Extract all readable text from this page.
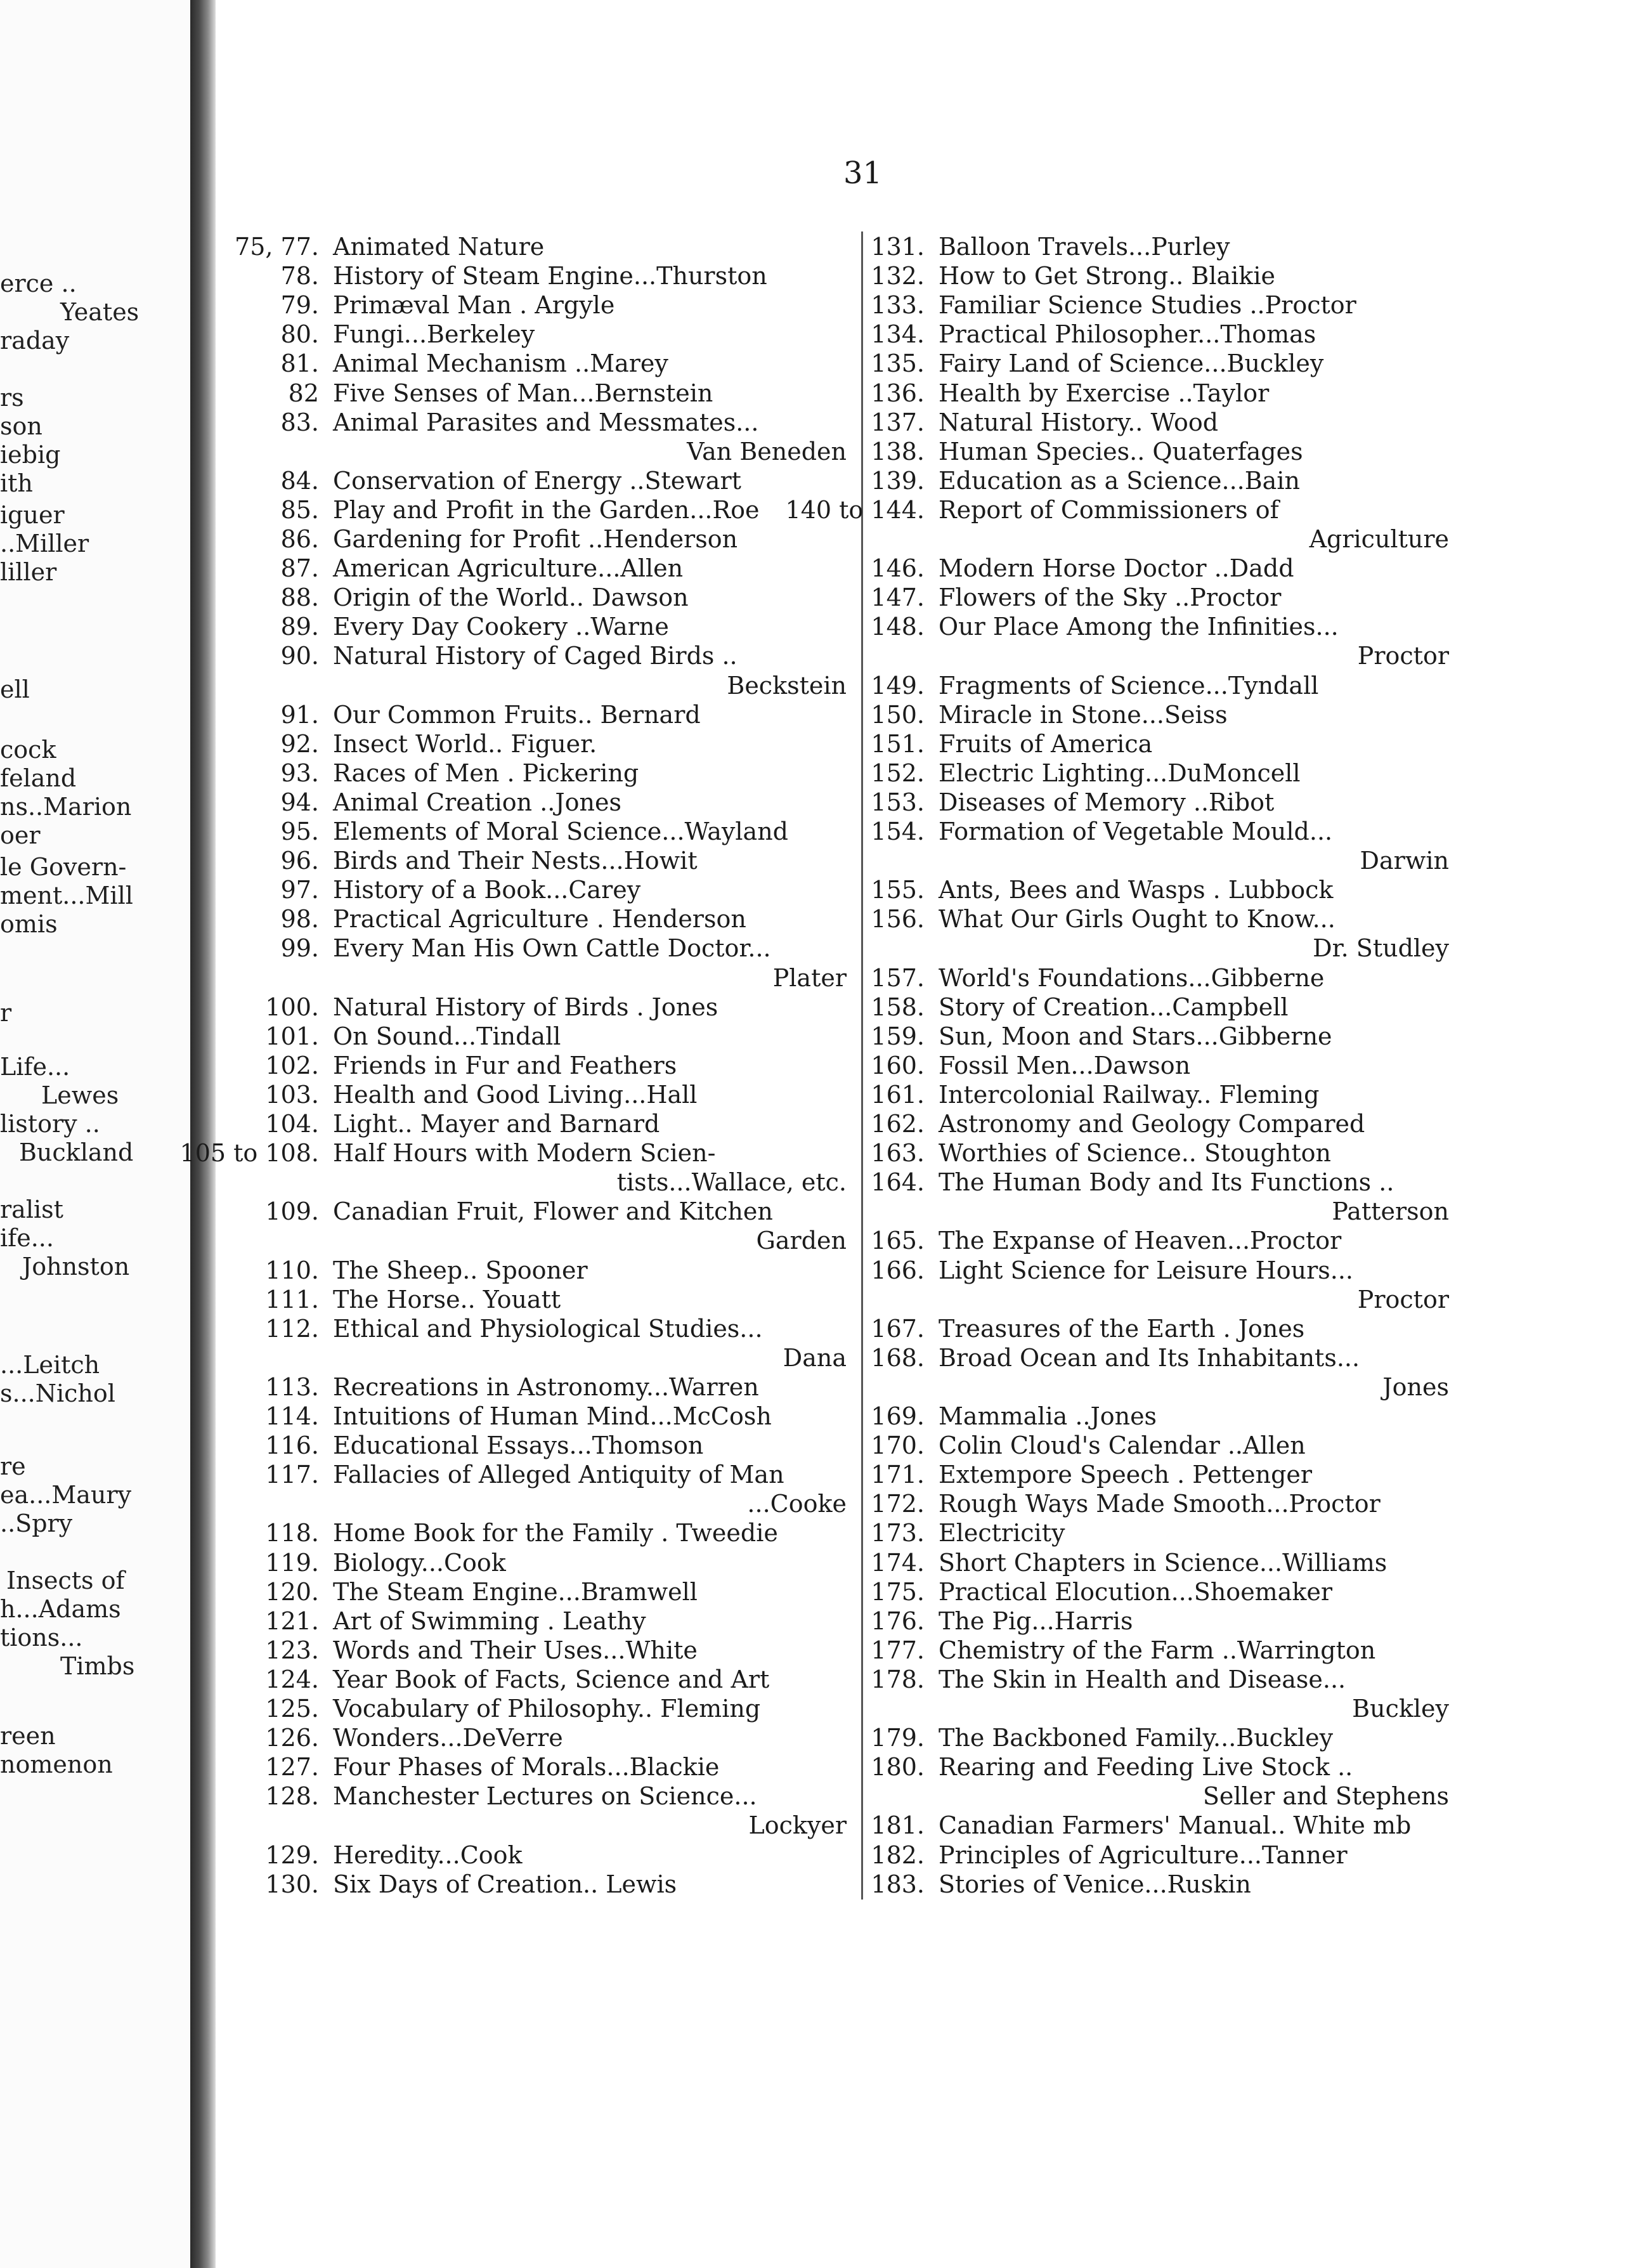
erce ..
Yeates
raday
rs
son
iebig
ith
iguer
..Miller
liller
ell
cock
feland
ns..Marion
oer
le Govern-
ment...Mill
omis
r
Life...
Lewes
listory ..
Buckland
ralist
ife...
Johnston
...Leitch
s...Nichol
re
ea...Maury
..Spry
Insects of
h...Adams
tions...
Timbs
reen
nomenon
31
75, 77. Animated Nature
78. History of Steam Engine...Thurston
79. Primæval Man . Argyle
80. Fungi...Berkeley
81. Animal Mechanism ..Marey
82 Five Senses of Man...Bernstein
83. Animal Parasites and Messmates...
Van Beneden
84. Conservation of Energy ..Stewart
85. Play and Profit in the Garden...Roe
86. Gardening for Profit ..Henderson
87. American Agriculture...Allen
88. Origin of the World.. Dawson
89. Every Day Cookery ..Warne
90. Natural History of Caged Birds ..
Beckstein
91. Our Common Fruits.. Bernard
92. Insect World.. Figuer.
93. Races of Men . Pickering
94. Animal Creation ..Jones
95. Elements of Moral Science...Wayland
96. Birds and Their Nests...Howit
97. History of a Book...Carey
98. Practical Agriculture . Henderson
99. Every Man His Own Cattle Doctor...
Plater
100. Natural History of Birds . Jones
101. On Sound...Tindall
102. Friends in Fur and Feathers
103. Health and Good Living...Hall
104. Light.. Mayer and Barnard
105 to 108. Half Hours with Modern Scien-
tists...Wallace, etc.
109. Canadian Fruit, Flower and Kitchen
Garden
110. The Sheep.. Spooner
111. The Horse.. Youatt
112. Ethical and Physiological Studies...
Dana
113. Recreations in Astronomy...Warren
114. Intuitions of Human Mind...McCosh
116. Educational Essays...Thomson
117. Fallacies of Alleged Antiquity of Man
...Cooke
118. Home Book for the Family . Tweedie
119. Biology...Cook
120. The Steam Engine...Bramwell
121. Art of Swimming . Leathy
123. Words and Their Uses...White
124. Year Book of Facts, Science and Art
125. Vocabulary of Philosophy.. Fleming
126. Wonders...DeVerre
127. Four Phases of Morals...Blackie
128. Manchester Lectures on Science...
Lockyer
129. Heredity...Cook
130. Six Days of Creation.. Lewis
131. Balloon Travels...Purley
132. How to Get Strong.. Blaikie
133. Familiar Science Studies ..Proctor
134. Practical Philosopher...Thomas
135. Fairy Land of Science...Buckley
136. Health by Exercise ..Taylor
137. Natural History.. Wood
138. Human Species.. Quaterfages
139. Education as a Science...Bain
140 to 144. Report of Commissioners of
Agriculture
146. Modern Horse Doctor ..Dadd
147. Flowers of the Sky ..Proctor
148. Our Place Among the Infinities...
Proctor
149. Fragments of Science...Tyndall
150. Miracle in Stone...Seiss
151. Fruits of America
152. Electric Lighting...DuMoncell
153. Diseases of Memory ..Ribot
154. Formation of Vegetable Mould...
Darwin
155. Ants, Bees and Wasps . Lubbock
156. What Our Girls Ought to Know...
Dr. Studley
157. World's Foundations...Gibberne
158. Story of Creation...Campbell
159. Sun, Moon and Stars...Gibberne
160. Fossil Men...Dawson
161. Intercolonial Railway.. Fleming
162. Astronomy and Geology Compared
163. Worthies of Science.. Stoughton
164. The Human Body and Its Functions ..
Patterson
165. The Expanse of Heaven...Proctor
166. Light Science for Leisure Hours...
Proctor
167. Treasures of the Earth . Jones
168. Broad Ocean and Its Inhabitants...
Jones
169. Mammalia ..Jones
170. Colin Cloud's Calendar ..Allen
171. Extempore Speech . Pettenger
172. Rough Ways Made Smooth...Proctor
173. Electricity
174. Short Chapters in Science...Williams
175. Practical Elocution...Shoemaker
176. The Pig...Harris
177. Chemistry of the Farm ..Warrington
178. The Skin in Health and Disease...
Buckley
179. The Backboned Family...Buckley
180. Rearing and Feeding Live Stock ..
Seller and Stephens
181. Canadian Farmers' Manual.. White mb
182. Principles of Agriculture...Tanner
183. Stories of Venice...Ruskin
